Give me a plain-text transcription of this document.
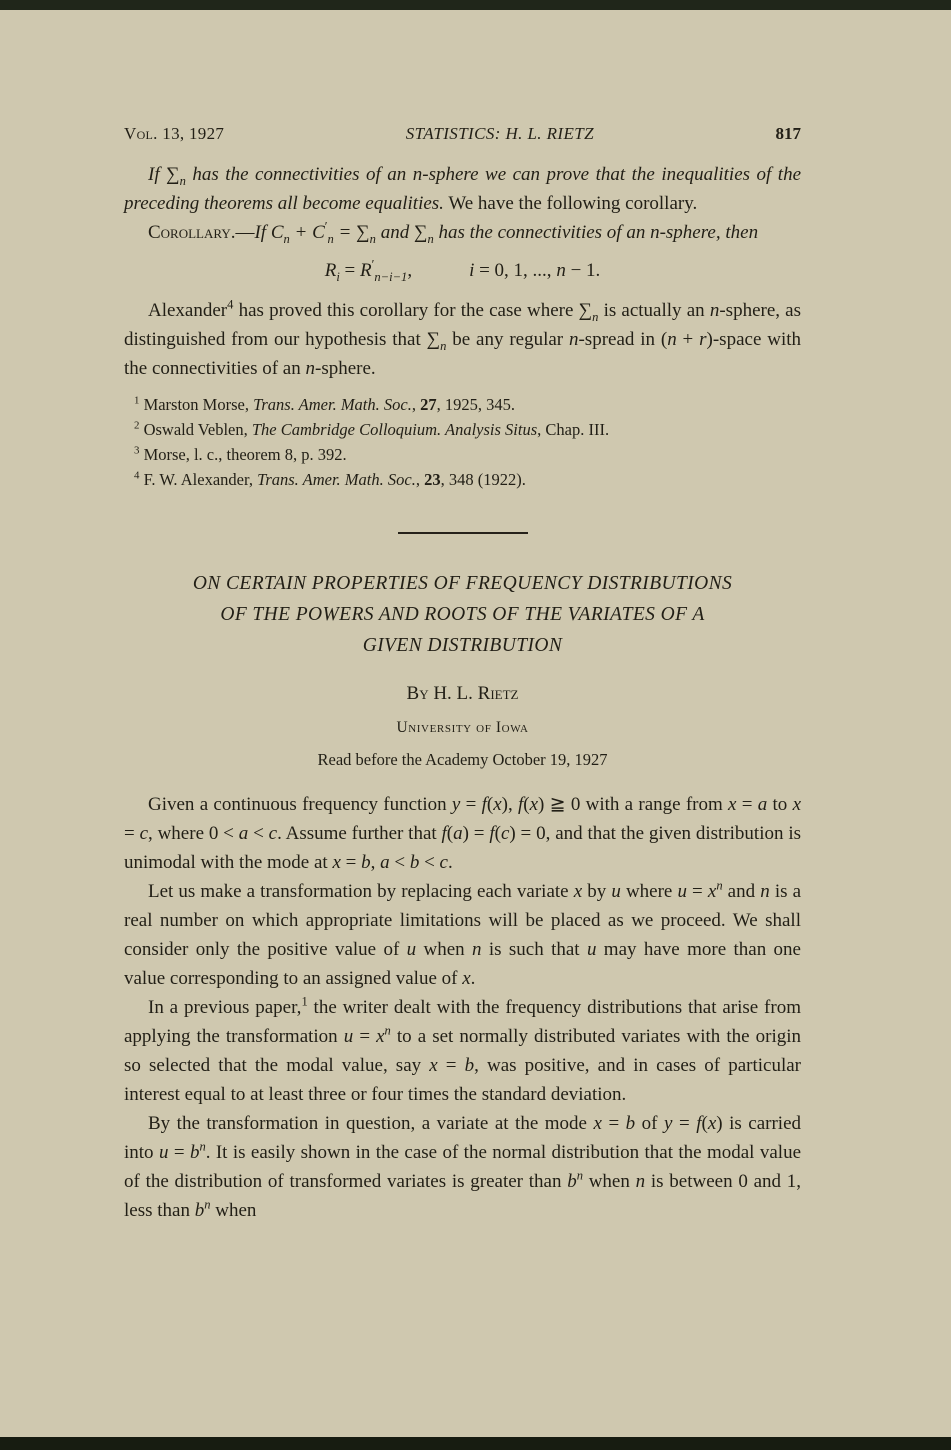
Vol. 13, 1927	STATISTICS: H. L. RIETZ	817

If $\sum_n$ has the connectivities of an n-sphere we can prove that the inequalities of the preceding theorems all become equalities. We have the following corollary.

Corollary.—If $C_n + C'_n = \sum_n$ and $\sum_n$ has the connectivities of an n-sphere, then

$R_i = R'_{n-i-1}$,   	i = 0, 1, ..., n − 1.

Alexander$^4$ has proved this corollary for the case where $\sum_n$ is actually an n-sphere, as distinguished from our hypothesis that $\sum_n$ be any regular n-spread in (n + r)-space with the connectivities of an n-sphere.

$^1$ Marston Morse, Trans. Amer. Math. Soc., 27, 1925, 345.

$^2$ Oswald Veblen, The Cambridge Colloquium. Analysis Situs, Chap. III.

$^3$ Morse, l. c., theorem 8, p. 392.

$^4$ F. W. Alexander, Trans. Amer. Math. Soc., 23, 348 (1922).

ON CERTAIN PROPERTIES OF FREQUENCY DISTRIBUTIONS
OF THE POWERS AND ROOTS OF THE VARIATES OF A
GIVEN DISTRIBUTION
By H. L. Rietz
University of Iowa
Read before the Academy October 19, 1927

Given a continuous frequency function y = f(x), f(x) ≧ 0 with a range from x = a to x = c, where 0 < a < c. Assume further that f(a) = f(c) = 0, and that the given distribution is unimodal with the mode at x = b, a < b < c.

Let us make a transformation by replacing each variate x by u where $u = x^n$ and n is a real number on which appropriate limitations will be placed as we proceed. We shall consider only the positive value of u when n is such that u may have more than one value corresponding to an assigned value of x.

In a previous paper,$^1$ the writer dealt with the frequency distributions that arise from applying the transformation $u = x^n$ to a set normally distributed variates with the origin so selected that the modal value, say x = b, was positive, and in cases of particular interest equal to at least three or four times the standard deviation.

By the transformation in question, a variate at the mode x = b of y = f(x) is carried into $u = b^n$. It is easily shown in the case of the normal distribution that the modal value of the distribution of transformed variates is greater than $b^n$ when n is between 0 and 1, less than $b^n$ when
